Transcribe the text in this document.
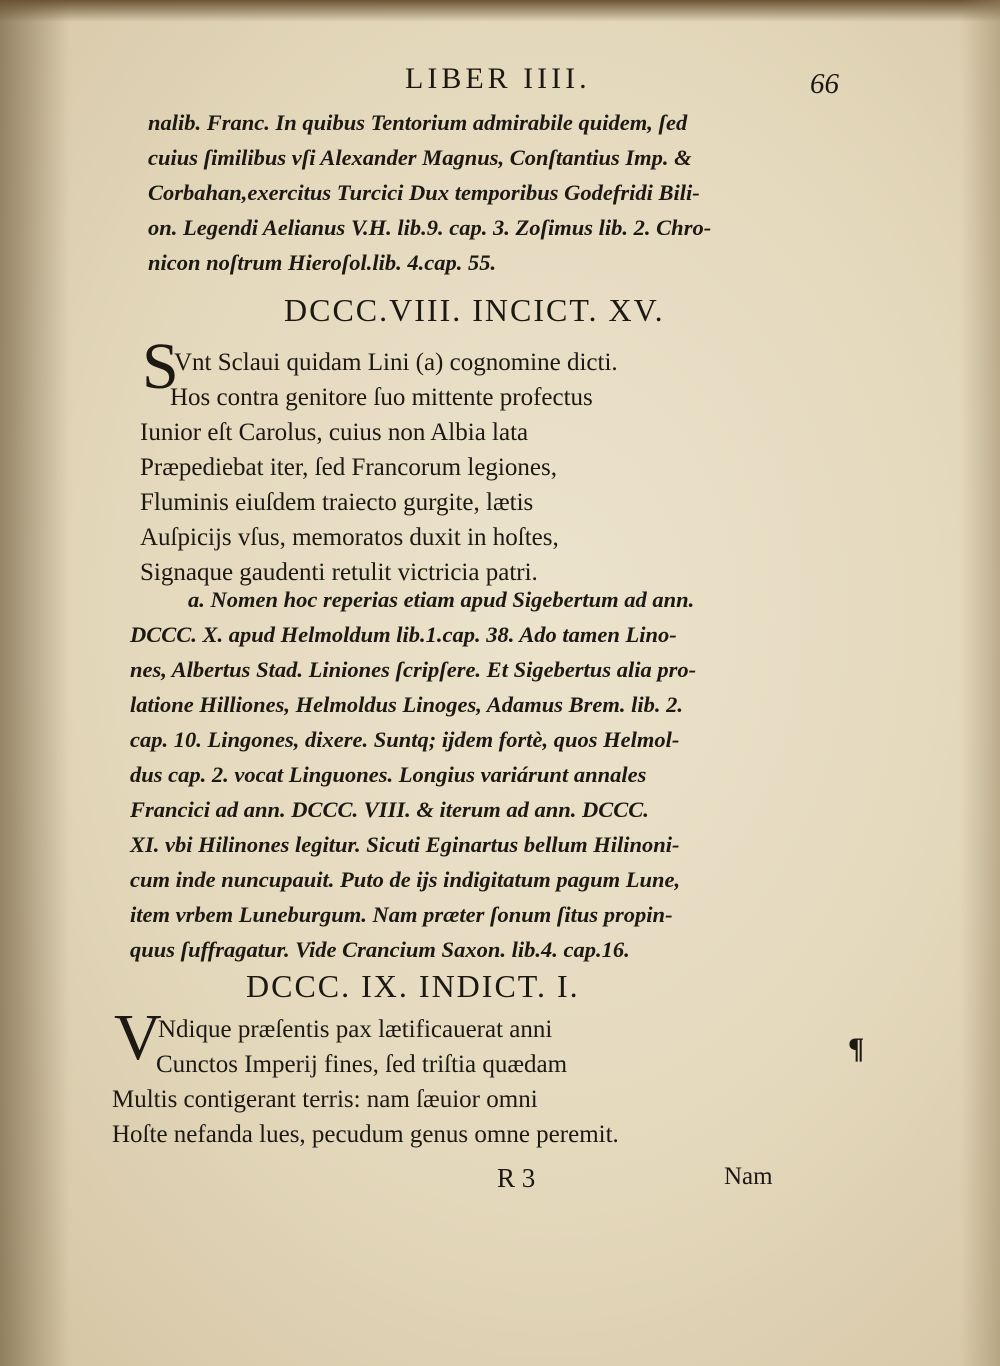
LIBER IIII.	66
nalib. Franc. In quibus Tentorium admirabile quidem, ſed
cuius ſimilibus vſi Alexander Magnus, Conſtantius Imp. &
Corbahan,exercitus Turcici Dux temporibus Godefridi Bili-
on. Legendi Aelianus V.H. lib.9. cap. 3. Zoſimus lib. 2. Chro-
nicon noſtrum Hieroſol.lib. 4.cap. 55.
DCCC.VIII. INCICT. XV.
S
Vnt Sclaui quidam Lini (a) cognomine dicti.
Hos contra genitore ſuo mittente profectus
Iunior eſt Carolus, cuius non Albia lata
Præpediebat iter, ſed Francorum legiones,
Fluminis eiuſdem traiecto gurgite, lætis
Auſpicijs vſus, memoratos duxit in hoſtes,
Signaque gaudenti retulit victricia patri.
a. Nomen hoc reperias etiam apud Sigebertum ad ann.
DCCC. X. apud Helmoldum lib.1.cap. 38. Ado tamen Lino-
nes, Albertus Stad. Liniones ſcripſere. Et Sigebertus alia pro-
latione Hilliones, Helmoldus Linoges, Adamus Brem. lib. 2.
cap. 10. Lingones, dixere. Suntq; ijdem fortè, quos Helmol-
dus cap. 2. vocat Linguones. Longius variárunt annales
Francici ad ann. DCCC. VIII. & iterum ad ann. DCCC.
XI. vbi Hilinones legitur. Sicuti Eginartus bellum Hilinoni-
cum inde nuncupauit. Puto de ijs indigitatum pagum Lune,
item vrbem Luneburgum. Nam præter ſonum ſitus propin-
quus ſuffragatur. Vide Crancium Saxon. lib.4. cap.16.
DCCC. IX. INDICT. I.
V
Ndique præſentis pax lætificauerat anni
Cunctos Imperij fines, ſed triſtia quædam
Multis contigerant terris: nam ſæuior omni
Hoſte nefanda lues, pecudum genus omne peremit.
¶
R 3	Nam
